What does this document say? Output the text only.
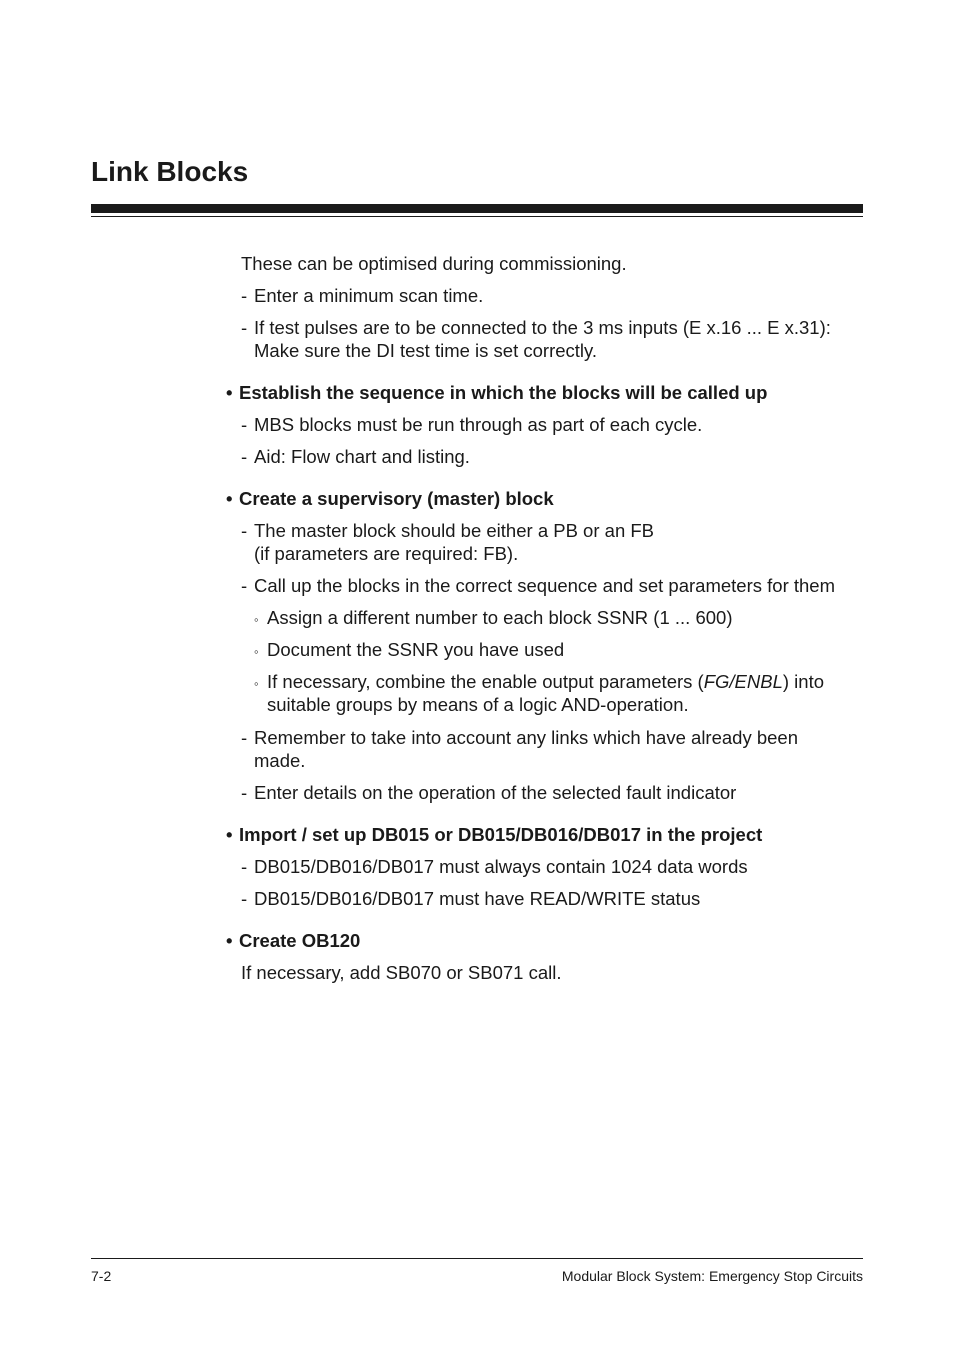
Link Blocks
These can be optimised during commissioning.
- Enter a minimum scan time.
- If test pulses are to be connected to the 3 ms inputs (E x.16 ... E x.31):
Make sure the DI test time is set correctly.
• Establish the sequence in which the blocks will be called up
- MBS blocks must be run through as part of each cycle.
- Aid: Flow chart and listing.
• Create a supervisory (master) block
- The master block should be either a PB or an FB
(if parameters are required: FB).
- Call up the blocks in the correct sequence and set parameters for them
◦ Assign a different number to each block SSNR (1 ... 600)
◦ Document the SSNR you have used
◦ If necessary, combine the enable output parameters (FG/ENBL) into
suitable groups by means of a logic AND-operation.
- Remember to take into account any links which have already been
made.
- Enter details on the operation of the selected fault indicator
• Import / set up DB015 or DB015/DB016/DB017 in the project
- DB015/DB016/DB017 must always contain 1024 data words
- DB015/DB016/DB017 must have READ/WRITE status
• Create OB120
If necessary, add SB070 or SB071 call.
7-2	Modular Block System: Emergency Stop Circuits
